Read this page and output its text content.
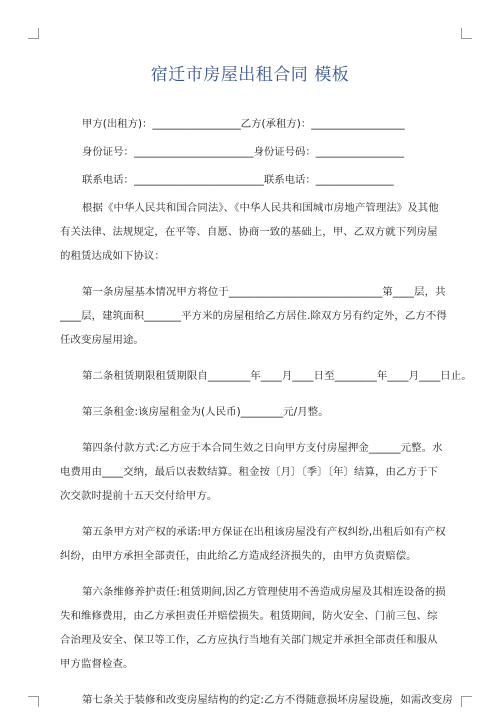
宿迁市房屋出租合同 模板

甲方(出租方)：_________________乙方(承租方)：__________________

身份证号：_______________________身份证号码：_________________

联系电话：_________________________联系电话：_______________

根据《中华人民共和国合同法》、《中华人民共和国城市房地产管理法》及其他有关法律、法规规定，在平等、自愿、协商一致的基础上，甲、乙双方就下列房屋的租赁达成如下协议：

第一条房屋基本情况甲方将位于_____________________________第____层，共____层，建筑面积_______平方米的房屋租给乙方居住.除双方另有约定外，乙方不得任改变房屋用途。

第二条租赁期限租赁期限自________年____月____日至________年____月____日止。

第三条租金:该房屋租金为(人民币)________元/月整。

第四条付款方式:乙方应于本合同生效之日向甲方支付房屋押金______元整。水电费用由____交纳，最后以表数结算。租金按〔月〕〔季〕〔年〕结算，由乙方于下次交款时提前十五天交付给甲方。

第五条甲方对产权的承诺:甲方保证在出租该房屋没有产权纠纷,出租后如有产权纠纷，由甲方承担全部责任，由此给乙方造成经济损失的，由甲方负责赔偿。

第六条维修养护责任:租赁期间,因乙方管理使用不善造成房屋及其相连设备的损失和维修费用，由乙方承担责任并赔偿损失。租赁期间，防火安全、门前三包、综合治理及安全、保卫等工作，乙方应执行当地有关部门规定并承担全部责任和服从甲方监督检查。

第七条关于装修和改变房屋结构的约定:乙方不得随意损坏房屋设施，如需改变房
